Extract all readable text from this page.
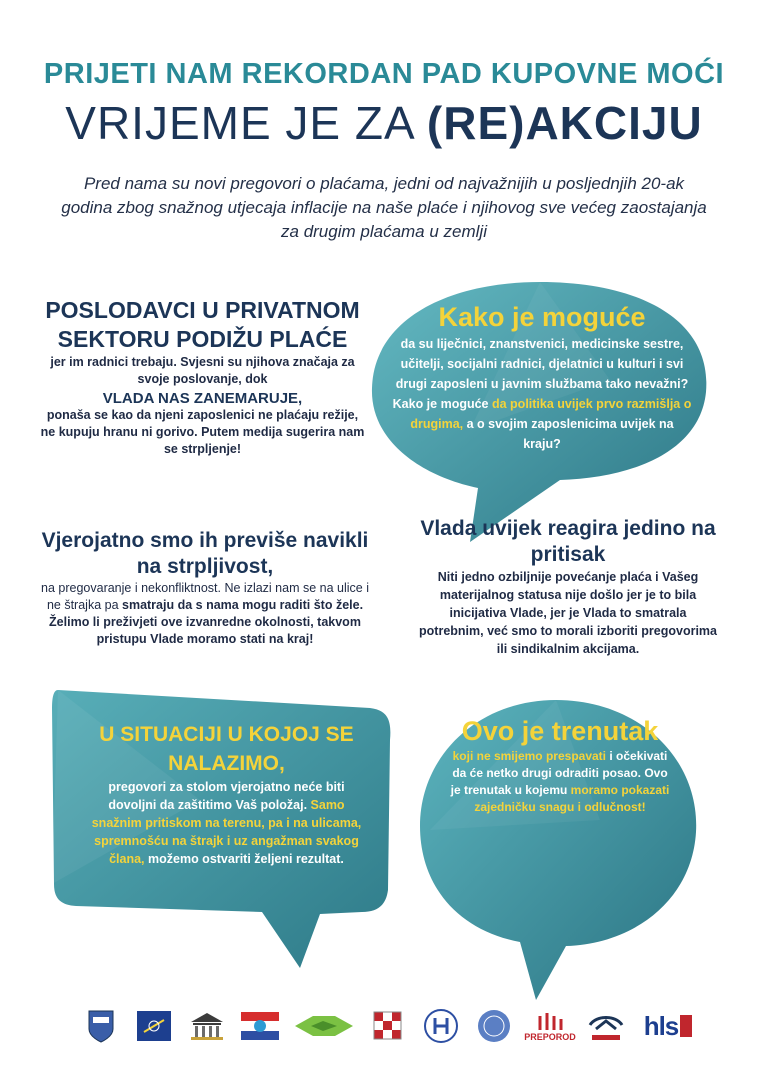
PRIJETI NAM REKORDAN PAD KUPOVNE MOĆI
VRIJEME JE ZA (RE)AKCIJU
Pred nama su novi pregovori o plaćama, jedni od najvažnijih u posljednjih 20-ak godina zbog snažnog utjecaja inflacije na naše plaće i njihovog sve većeg zaostajanja za drugim plaćama u zemlji
POSLODAVCI U PRIVATNOM SEKTORU PODIŽU PLAĆE
jer im radnici trebaju. Svjesni su njihova značaja za svoje poslovanje, dok
VLADA NAS ZANEMARUJE,
ponaša se kao da njeni zaposlenici ne plaćaju režije, ne kupuju hranu ni gorivo. Putem medija sugerira nam se strpljenje!
Vjerojatno smo ih previše navikli na strpljivost,
na pregovaranje i nekonfliktnost. Ne izlazi nam se na ulice i ne štrajka pa smatraju da s nama mogu raditi što žele. Želimo li preživjeti ove izvanredne okolnosti, takvom pristupu Vlade moramo stati na kraj!
Vlada uvijek reagira jedino na pritisak
Niti jedno ozbiljnije povećanje plaća i Vašeg materijalnog statusa nije došlo jer je to bila inicijativa Vlade, jer je Vlada to smatrala potrebnim, već smo to morali izboriti pregovorima ili sindikalnim akcijama.
Kako je moguće
da su liječnici, znanstvenici, medicinske sestre, učitelji, socijalni radnici, djelatnici u kulturi i svi drugi zaposleni u javnim službama tako nevažni? Kako je moguće da politika uvijek prvo razmišlja o drugima, a o svojim zaposlenicima uvijek na kraju?
U SITUACIJI U KOJOJ SE NALAZIMO,
pregovori za stolom vjerojatno neće biti dovoljni da zaštitimo Vaš položaj. Samo snažnim pritiskom na terenu, pa i na ulicama, spremnošću na štrajk i uz angažman svakog člana, možemo ostvariti željeni rezultat.
Ovo je trenutak
koji ne smijemo prespavati i očekivati da će netko drugi odraditi posao. Ovo je trenutak u kojemu moramo pokazati zajedničku snagu i odlučnost!
PREPOROD	hls
